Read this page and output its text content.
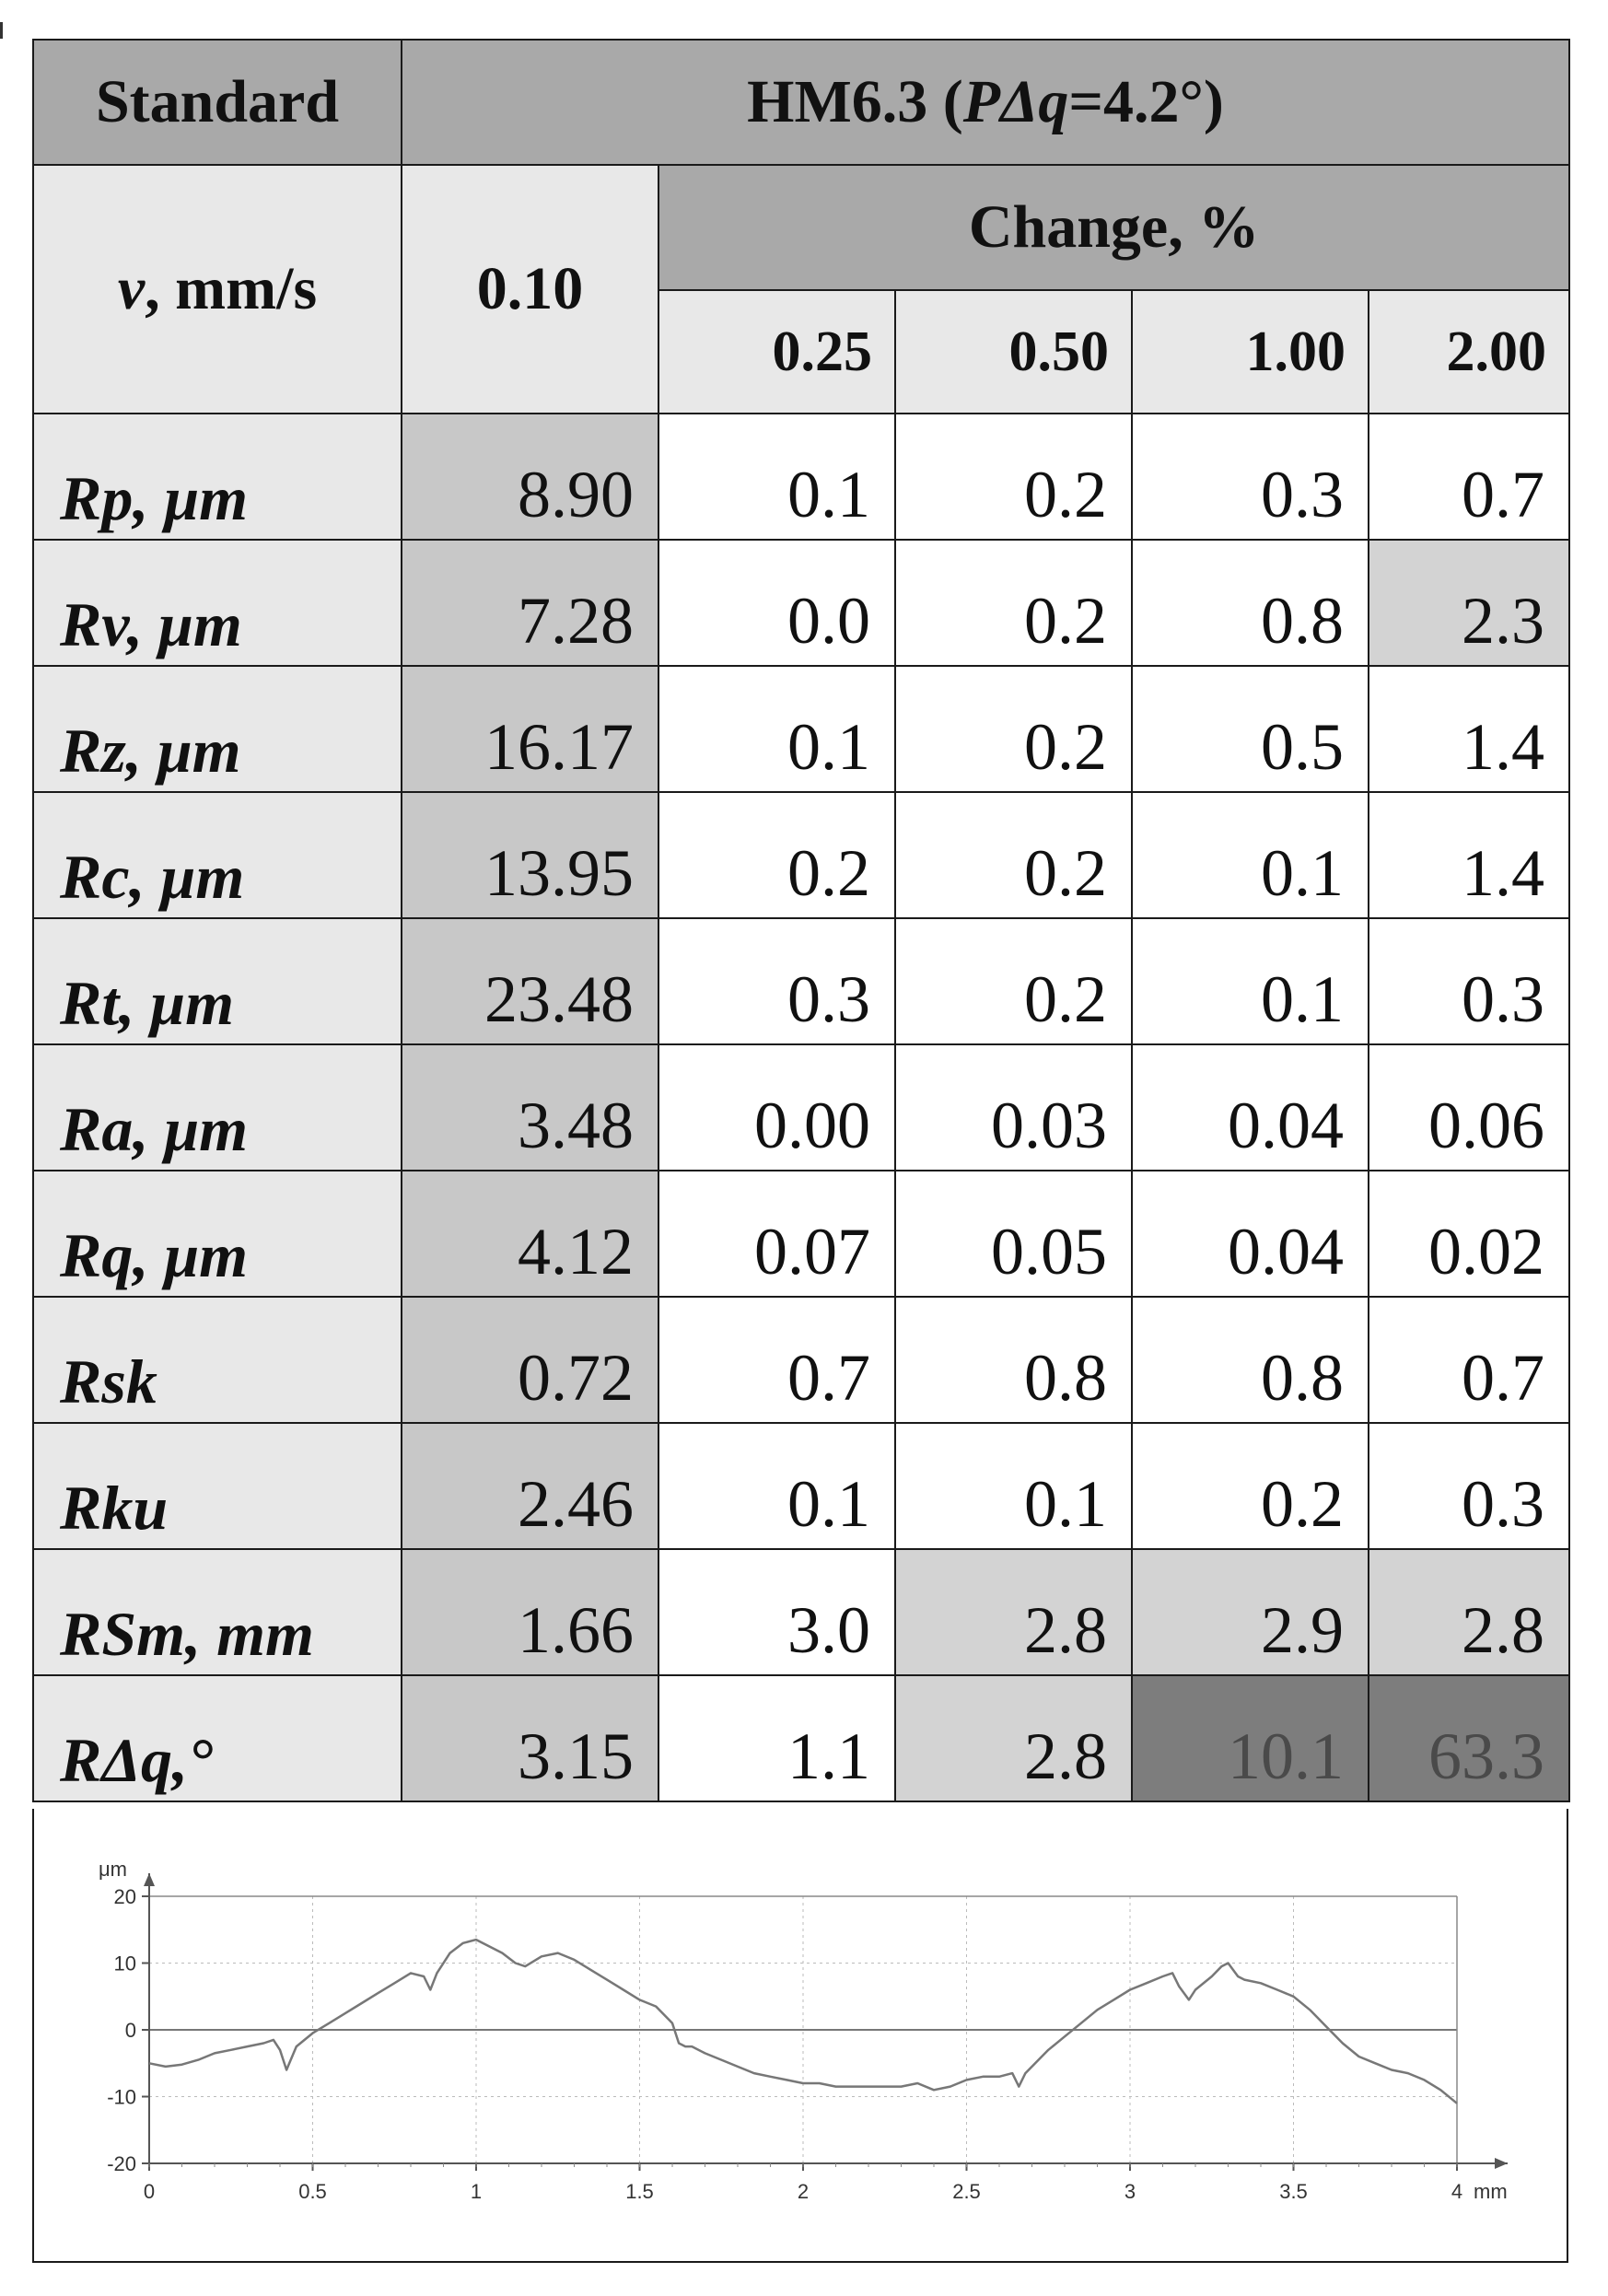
Standard	HM6.3 (PΔq=4.2°)				
v, mm/s	0.10	Change, %			
		0.25	0.50	1.00	2.00
Rp, μm	8.90	0.1	0.2	0.3	0.7
Rv, μm	7.28	0.0	0.2	0.8	2.3
Rz, μm	16.17	0.1	0.2	0.5	1.4
Rc, μm	13.95	0.2	0.2	0.1	1.4
Rt, μm	23.48	0.3	0.2	0.1	0.3
Ra, μm	3.48	0.00	0.03	0.04	0.06
Rq, μm	4.12	0.07	0.05	0.04	0.02
Rsk	0.72	0.7	0.8	0.8	0.7
Rku	2.46	0.1	0.1	0.2	0.3
RSm, mm	1.66	3.0	2.8	2.9	2.8
RΔq,°	3.15	1.1	2.8	10.1	63.3
0	0.5	1	1.5	2	2.5	3	3.5	4
20
10
0
-10
-20
μm
mm
